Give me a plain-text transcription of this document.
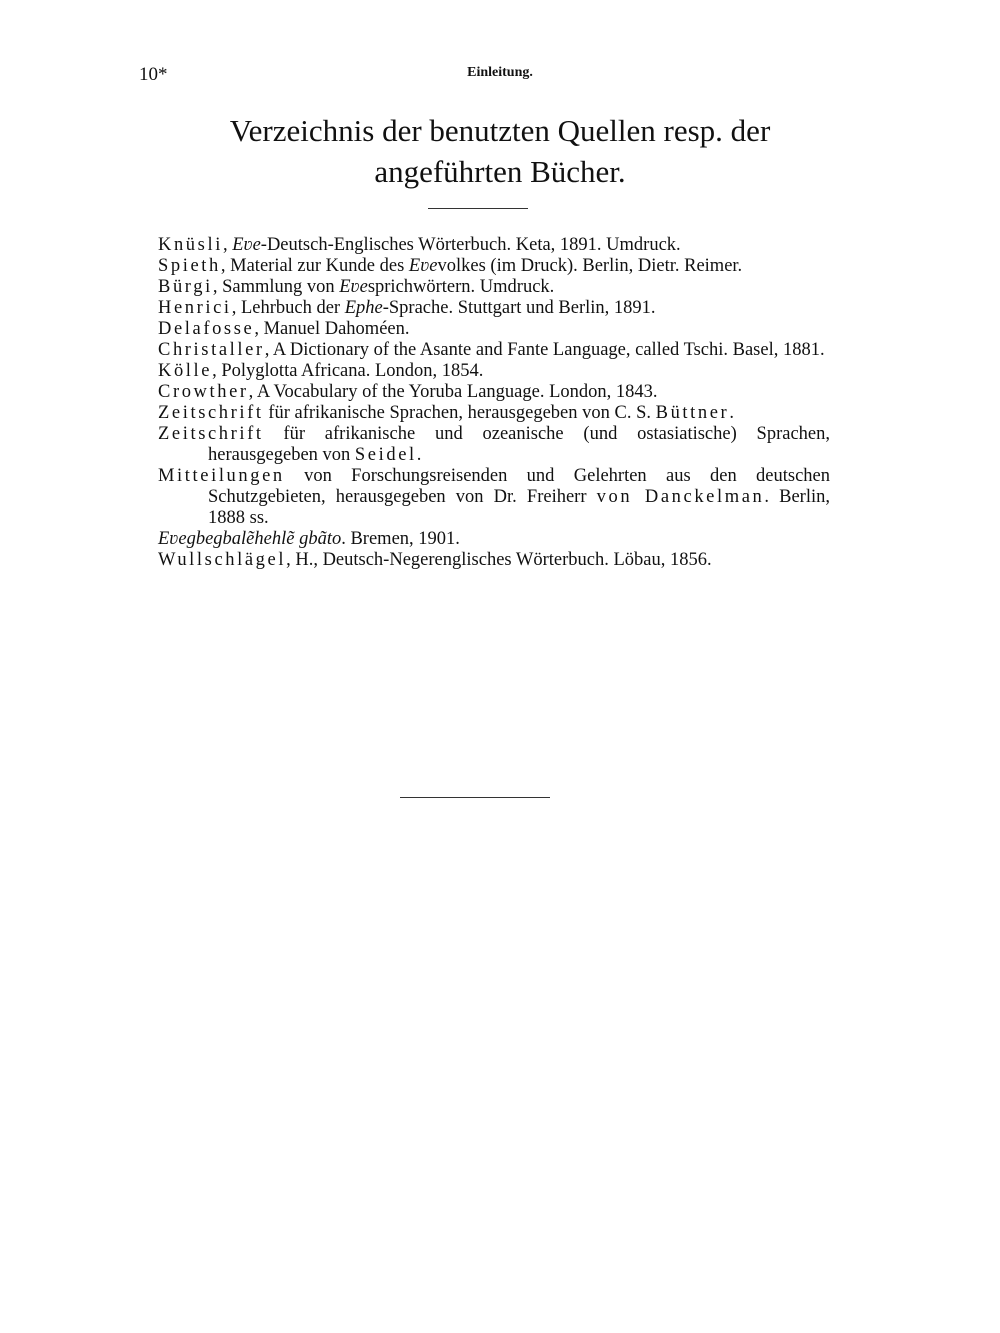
10*	Einleitung.
Verzeichnis der benutzten Quellen resp. der
angeführten Bücher.
Knüsli, Eʋe-Deutsch-Englisches Wörterbuch. Keta, 1891. Umdruck.
Spieth, Material zur Kunde des Eʋevolkes (im Druck). Berlin, Dietr. Reimer.
Bürgi, Sammlung von Eʋesprichwörtern. Umdruck.
Henrici, Lehrbuch der Ephe-Sprache. Stuttgart und Berlin, 1891.
Delafosse, Manuel Dahoméen.
Christaller, A Dictionary of the Asante and Fante Language, called Tschi. Basel, 1881.
Kölle, Polyglotta Africana. London, 1854.
Crowther, A Vocabulary of the Yoruba Language. London, 1843.
Zeitschrift für afrikanische Sprachen, herausgegeben von C. S. Büttner.
Zeitschrift für afrikanische und ozeanische (und ostasiatische) Sprachen, herausgegeben von Seidel.
Mitteilungen von Forschungsreisenden und Gelehrten aus den deutschen Schutzgebieten, herausgegeben von Dr. Freiherr von Danckelman. Berlin, 1888 ss.
Eʋegbegbalẽhehlẽ gbãto. Bremen, 1901.
Wullschlägel, H., Deutsch-Negerenglisches Wörterbuch. Löbau, 1856.
